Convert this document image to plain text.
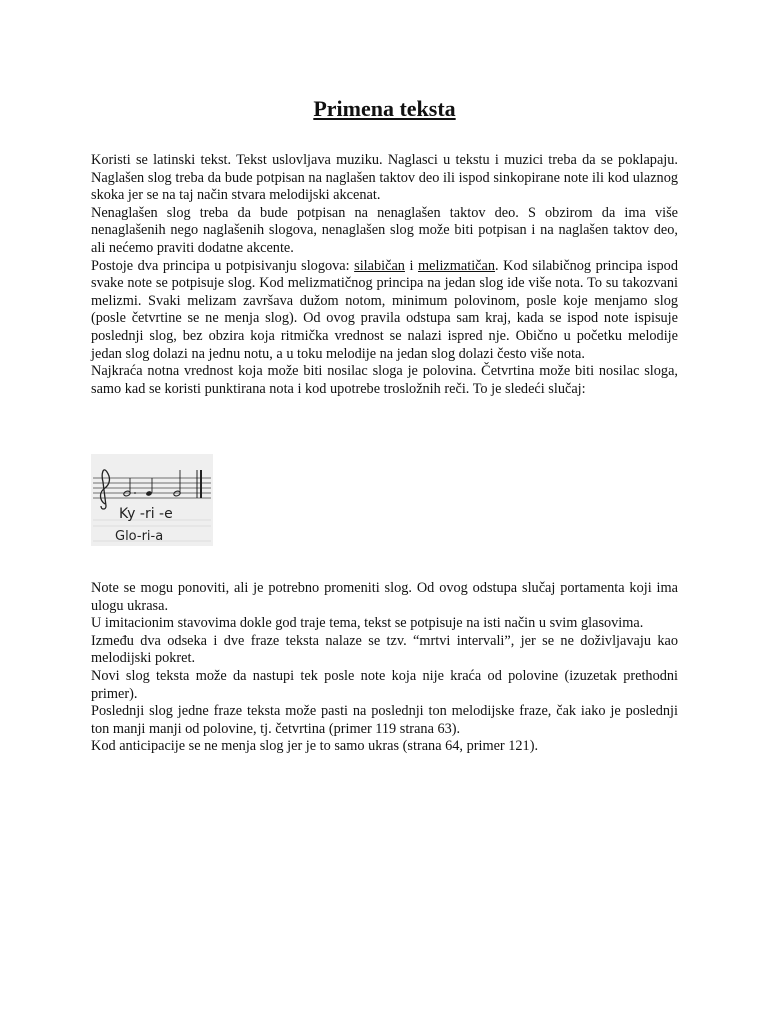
Primena teksta

Koristi se latinski tekst. Tekst uslovljava muziku. Naglasci u tekstu i muzici treba da se poklapaju. Naglašen slog treba da bude potpisan na naglašen taktov deo ili ispod sinkopirane note ili kod ulaznog skoka jer se na taj način stvara melodijski akcenat.

Nenaglašen slog treba da bude potpisan na nenaglašen taktov deo. S obzirom da ima više nenaglašenih nego naglašenih slogova, nenaglašen slog može biti potpisan i na naglašen taktov deo, ali nećemo praviti dodatne akcente.

Postoje dva principa u potpisivanju slogova: silabičan i melizmatičan. Kod silabičnog principa ispod svake note se potpisuje slog. Kod melizmatičnog principa na jedan slog ide više nota. To su takozvani melizmi. Svaki melizam završava dužom notom, minimum polovinom, posle koje menjamo slog (posle četvrtine se ne menja slog). Od ovog pravila odstupa sam kraj, kada se ispod note ispisuje poslednji slog, bez obzira koja ritmička vrednost se nalazi ispred nje. Obično u početku melodije jedan slog dolazi na jednu notu, a u toku melodije na jedan slog dolazi često više nota.

Najkraća notna vrednost koja može biti nosilac sloga je polovina. Četvrtina može biti nosilac sloga, samo kad se koristi punktirana nota i kod upotrebe trosložnih reči. To je sledeći slučaj:

Ky -ri -e
Glo-ri-a

Note se mogu ponoviti, ali je potrebno promeniti slog. Od ovog odstupa slučaj portamenta koji ima ulogu ukrasa.

U imitacionim stavovima dokle god traje tema, tekst se potpisuje na isti način u svim glasovima.

Između dva odseka i dve fraze teksta nalaze se tzv. “mrtvi intervali”, jer se ne doživljavaju kao melodijski pokret.

Novi slog teksta može da nastupi tek posle note koja nije kraća od polovine (izuzetak prethodni primer).

Poslednji slog jedne fraze teksta može pasti na poslednji ton melodijske fraze, čak iako je poslednji ton manji manji od polovine, tj. četvrtina (primer 119 strana 63).

Kod anticipacije se ne menja slog jer je to samo ukras (strana 64, primer 121).
